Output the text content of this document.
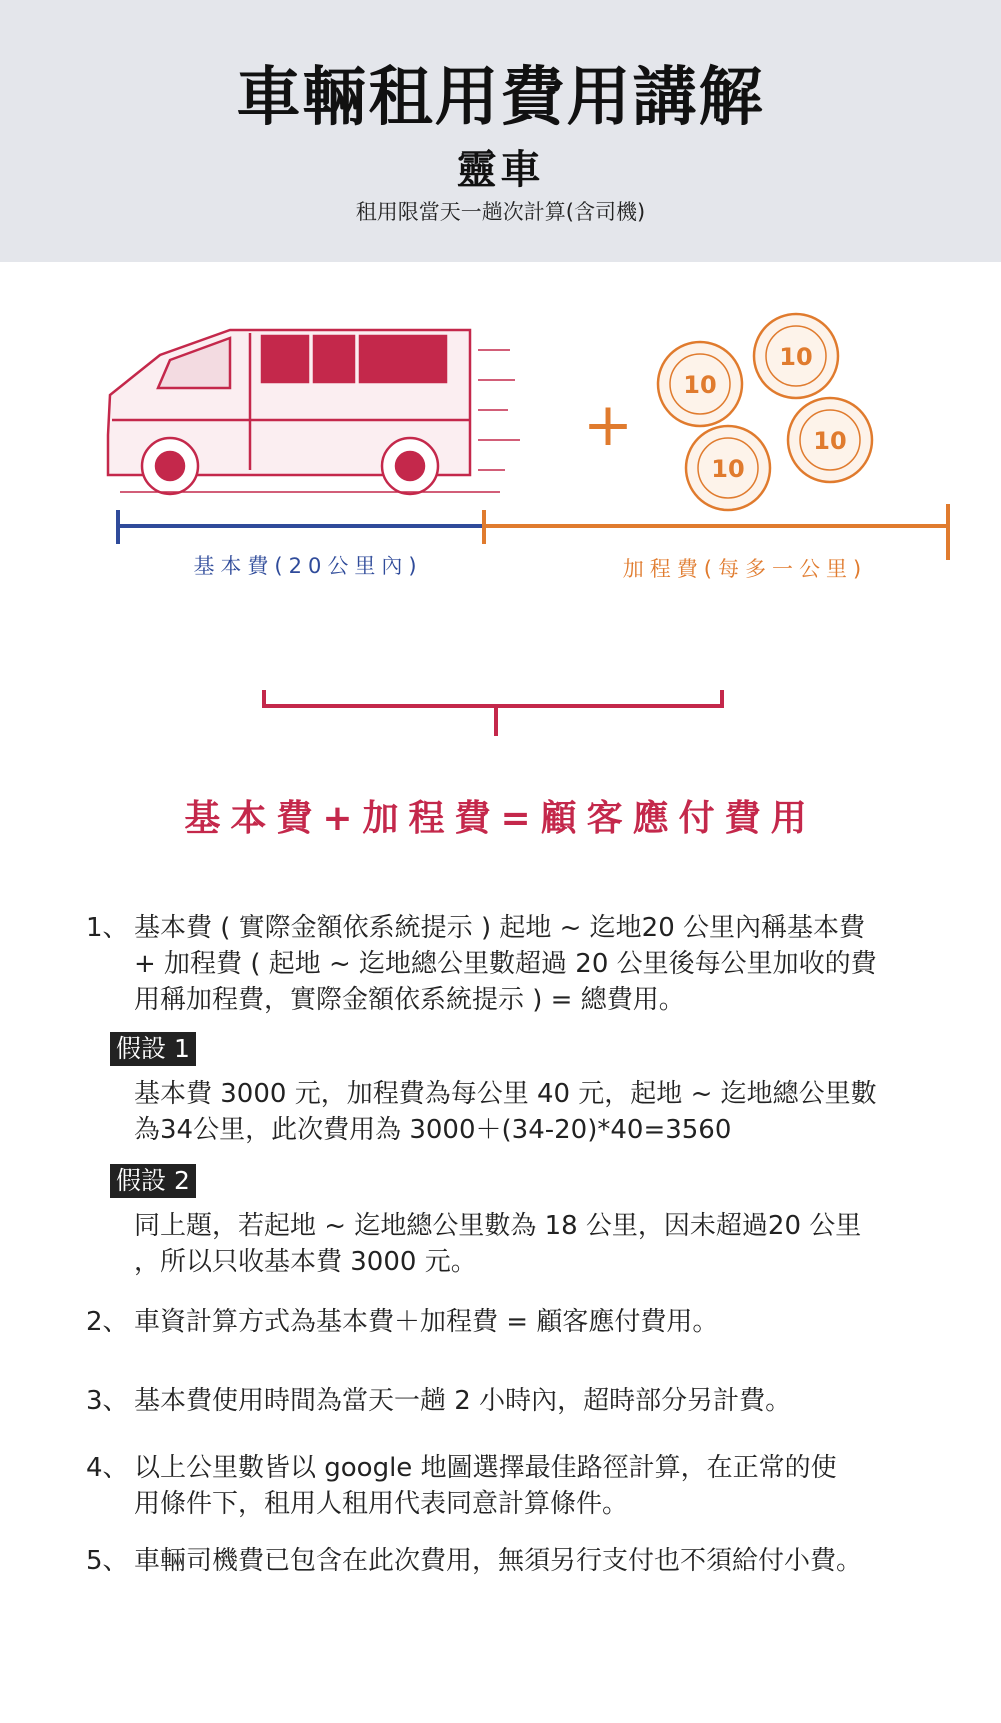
車輛租用費用講解
靈車
租用限當天一趟次計算(含司機)
+
10
10
10
10
基本費(20公里內)	加程費(每多一公里)
基本費+加程費=顧客應付費用
1、 基本費 ( 實際金額依系統提示 ) 起地 ~ 迄地20 公里內稱基本費
+ 加程費 ( 起地 ~ 迄地總公里數超過 20 公里後每公里加收的費
用稱加程費，實際金額依系統提示 ) = 總費用。
假設 1
基本費 3000 元，加程費為每公里 40 元，起地 ~ 迄地總公里數
為34公里，此次費用為 3000＋(34-20)*40=3560
假設 2
同上題，若起地 ~ 迄地總公里數為 18 公里，因未超過20 公里
，所以只收基本費 3000 元。
2、 車資計算方式為基本費＋加程費 = 顧客應付費用。
3、 基本費使用時間為當天一趟 2 小時內，超時部分另計費。
4、 以上公里數皆以 google 地圖選擇最佳路徑計算，在正常的使
用條件下，租用人租用代表同意計算條件。
5、 車輛司機費已包含在此次費用，無須另行支付也不須給付小費。
